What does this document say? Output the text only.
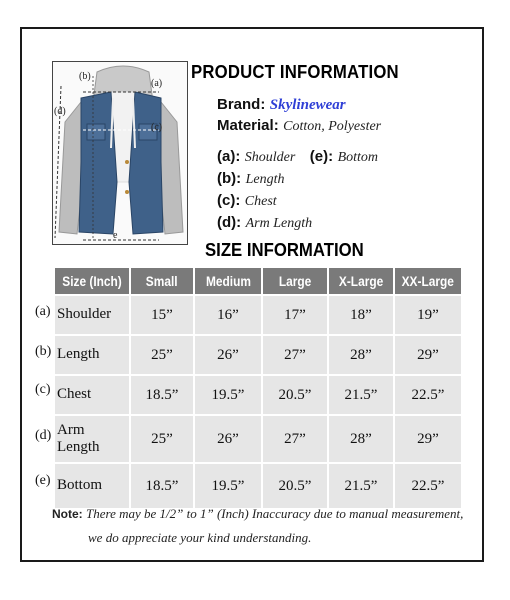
(b)
(a)
(d)
(c)
e
PRODUCT INFORMATION
Brand: Skylinewear
Material: Cotton, Polyester
(a): Shoulder (e): Bottom
(b): Length
(c): Chest
(d): Arm Length
SIZE INFORMATION
(a)
(b)
(c)
(d)
(e)
Size (Inch)	Small	Medium	Large	X-Large	XX-Large
Shoulder	15”	16”	17”	18”	19”
Length	25”	26”	27”	28”	29”
Chest	18.5”	19.5”	20.5”	21.5”	22.5”
Arm Length	25”	26”	27”	28”	29”
Bottom	18.5”	19.5”	20.5”	21.5”	22.5”
Note: There may be 1/2” to 1” (Inch) Inaccuracy due to manual measurement,
we do appreciate your kind understanding.
